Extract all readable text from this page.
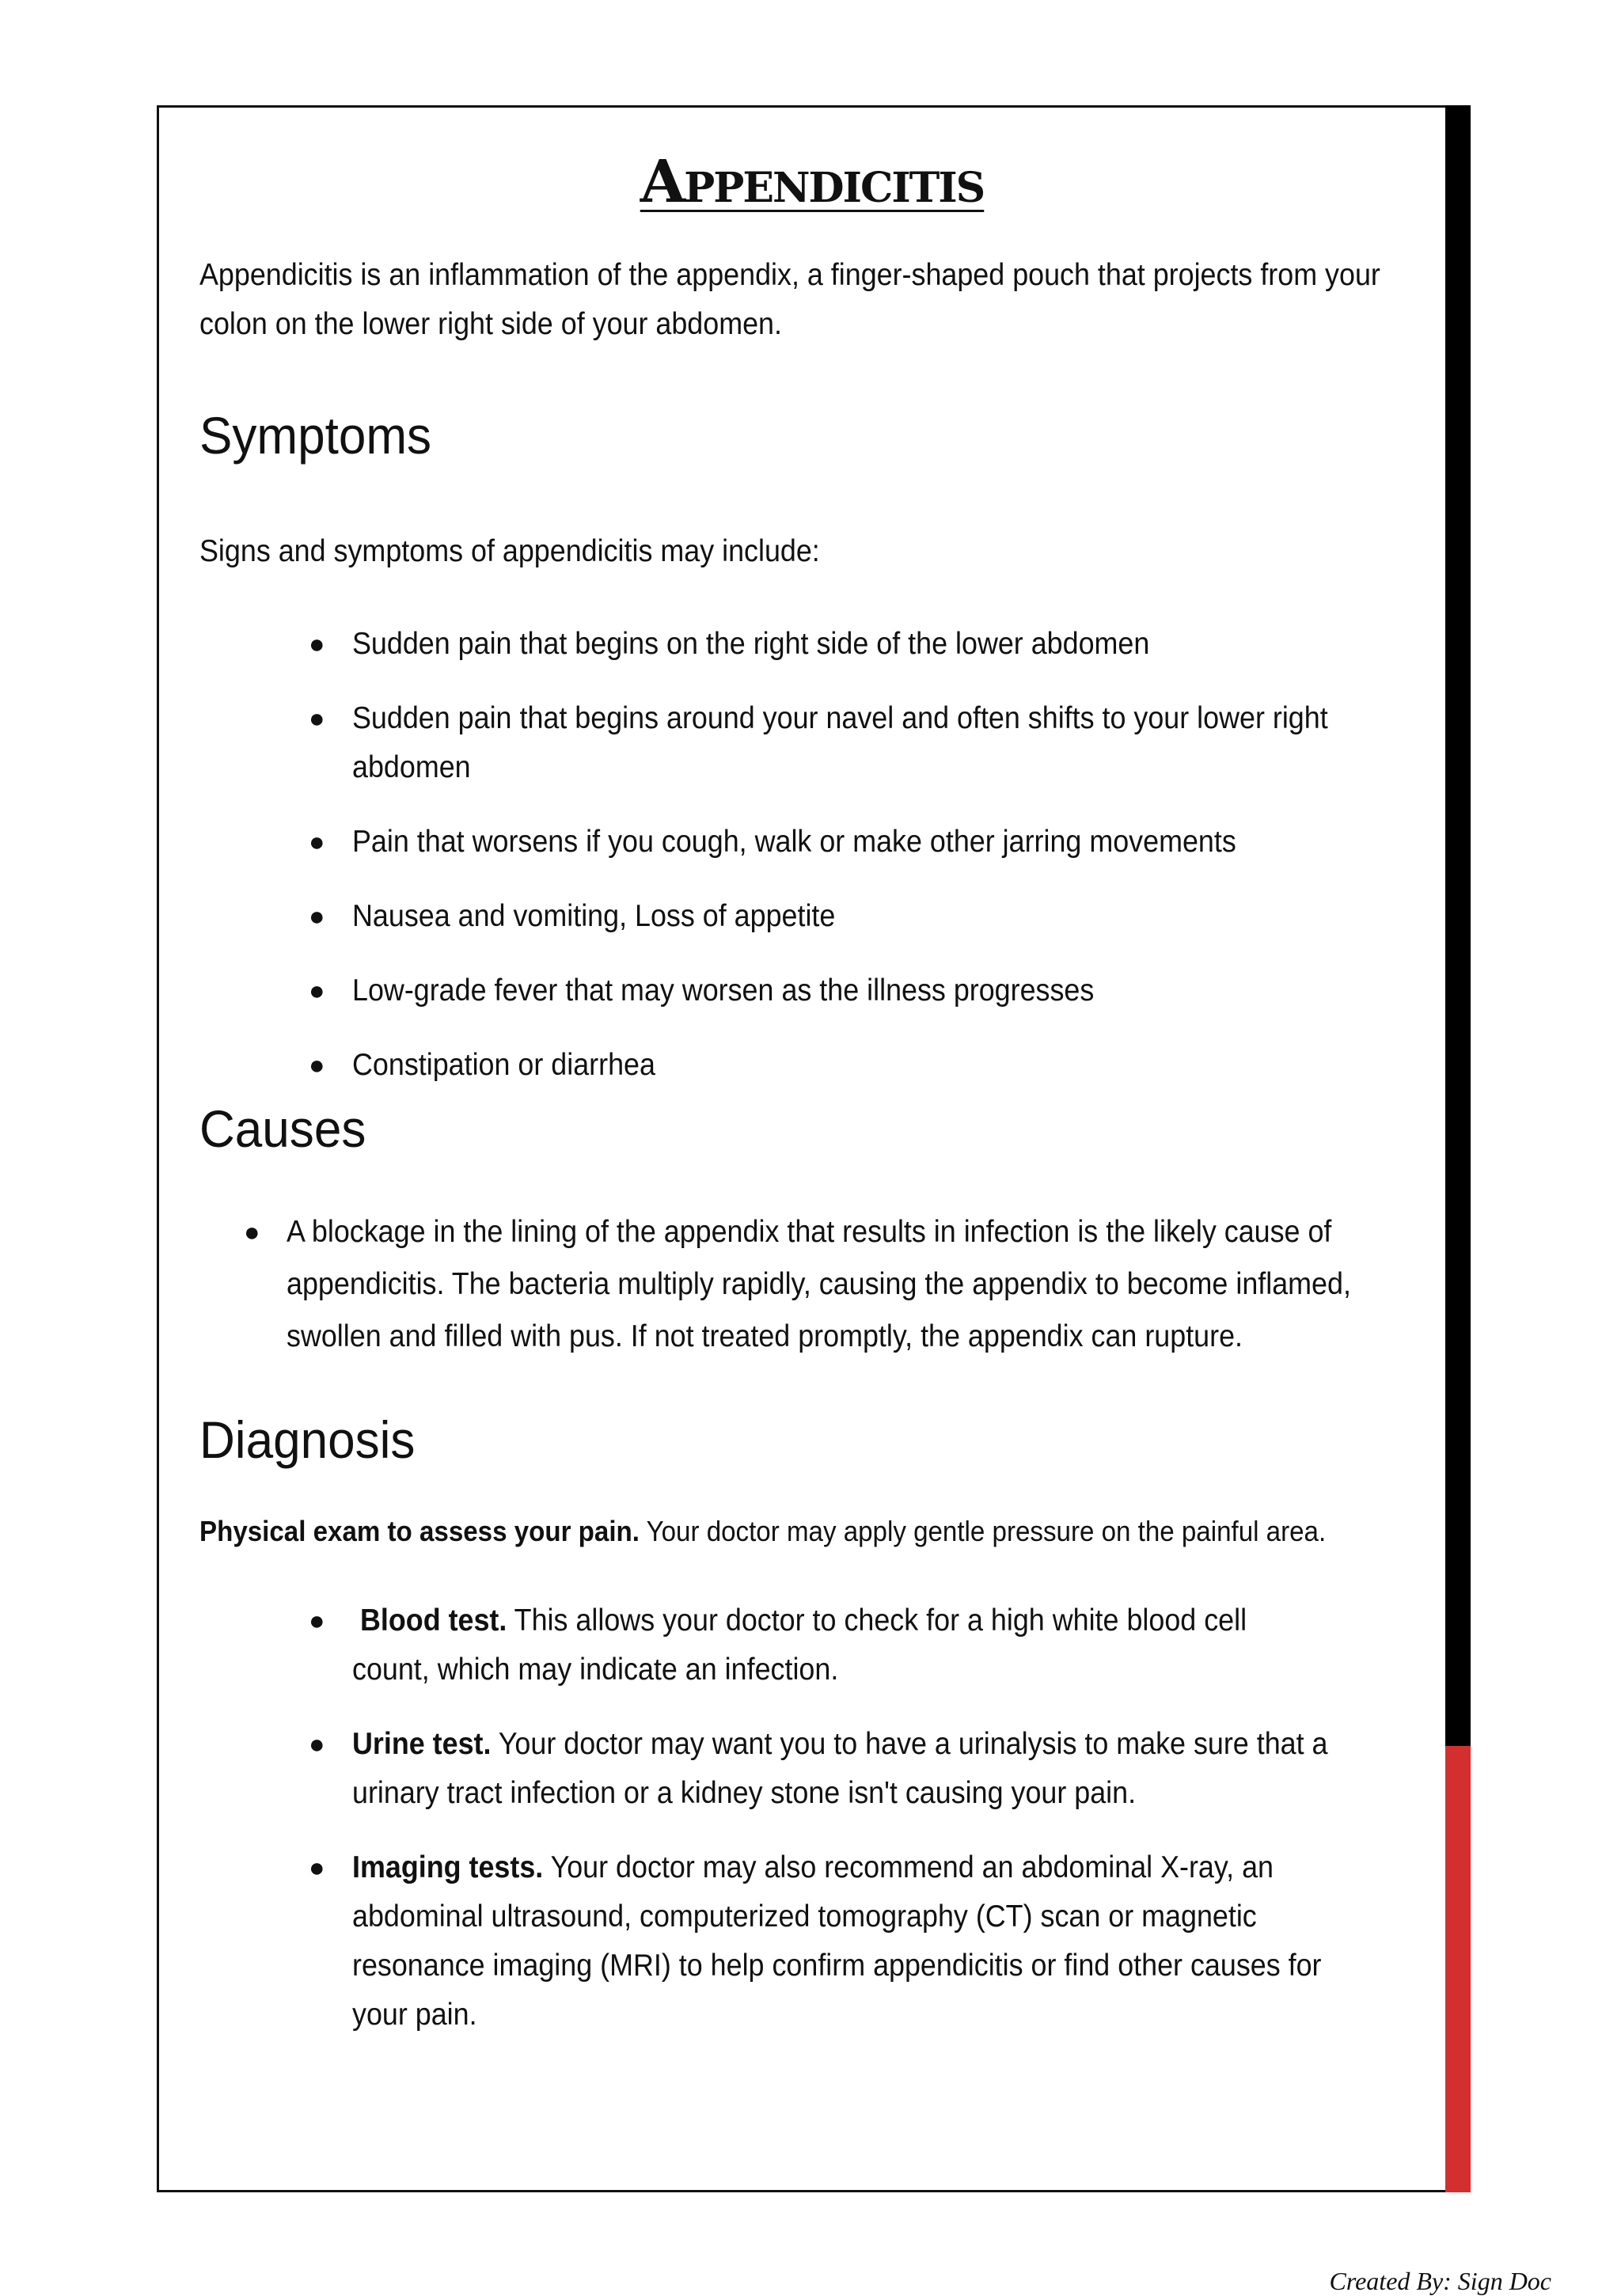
Appendicitis

Appendicitis is an inflammation of the appendix, a finger-shaped pouch that projects from your colon on the lower right side of your abdomen.

Symptoms

Signs and symptoms of appendicitis may include:

● Sudden pain that begins on the right side of the lower abdomen
● Sudden pain that begins around your navel and often shifts to your lower right abdomen
● Pain that worsens if you cough, walk or make other jarring movements
● Nausea and vomiting, Loss of appetite
● Low-grade fever that may worsen as the illness progresses
● Constipation or diarrhea
Causes
● A blockage in the lining of the appendix that results in infection is the likely cause of appendicitis. The bacteria multiply rapidly, causing the appendix to become inflamed, swollen and filled with pus. If not treated promptly, the appendix can rupture.
Diagnosis

Physical exam to assess your pain. Your doctor may apply gentle pressure on the painful area.

● Blood test. This allows your doctor to check for a high white blood cell count, which may indicate an infection.
● Urine test. Your doctor may want you to have a urinalysis to make sure that a urinary tract infection or a kidney stone isn't causing your pain.
● Imaging tests. Your doctor may also recommend an abdominal X-ray, an abdominal ultrasound, computerized tomography (CT) scan or magnetic resonance imaging (MRI) to help confirm appendicitis or find other causes for your pain.
Created By: Sign Doc
